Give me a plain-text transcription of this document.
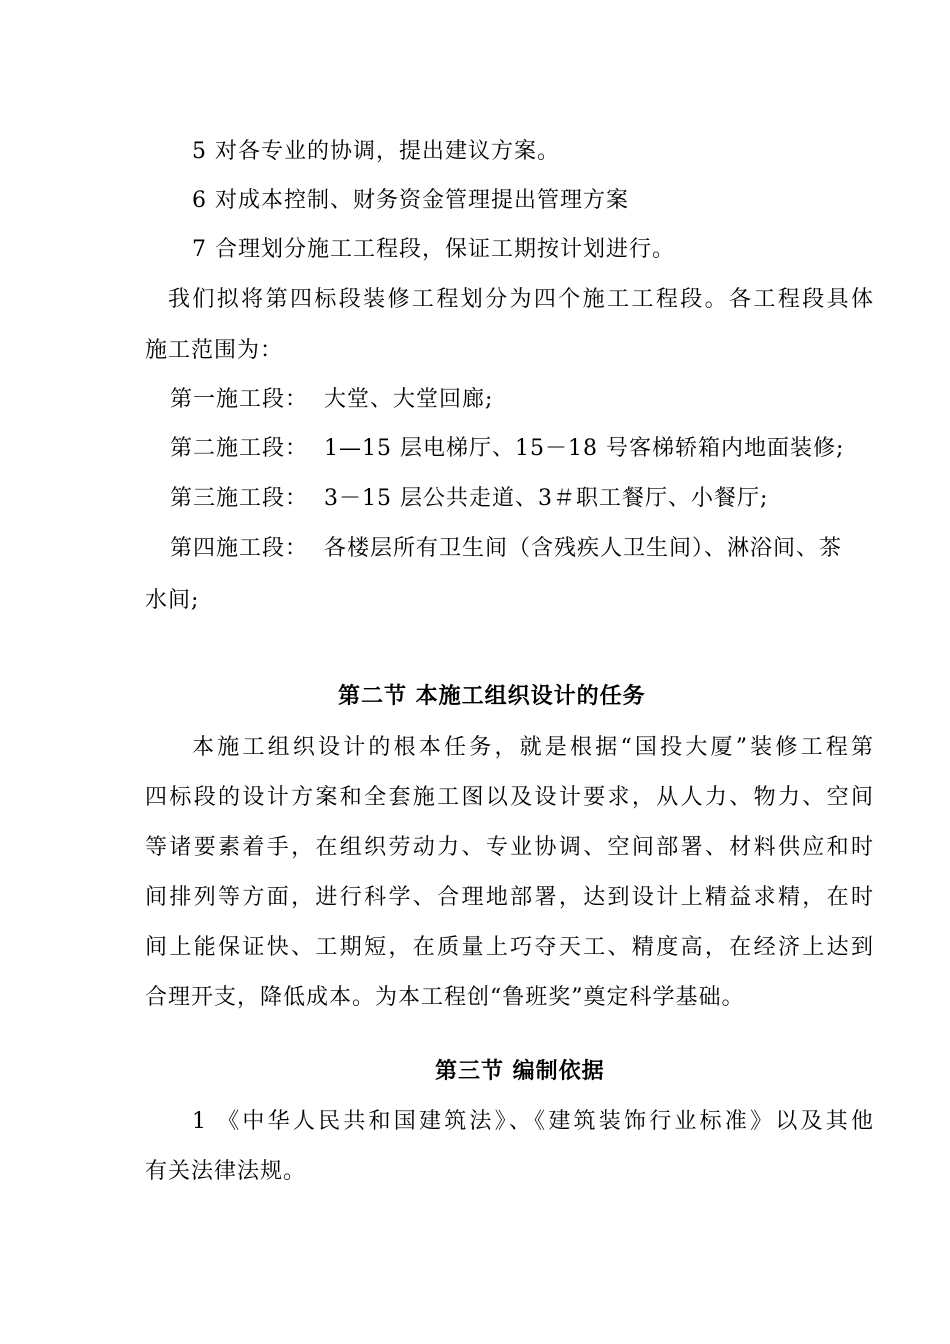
5 对各专业的协调，提出建议方案。
6 对成本控制、财务资金管理提出管理方案
7 合理划分施工工程段，保证工期按计划进行。
我们拟将第四标段装修工程划分为四个施工工程段。各工程段具体
施工范围为：
第一施工段： 大堂、大堂回廊;
第二施工段： 1—15 层电梯厅、15－18 号客梯轿箱内地面装修;
第三施工段： 3－15 层公共走道、3＃职工餐厅、小餐厅;
第四施工段： 各楼层所有卫生间（含残疾人卫生间）、淋浴间、茶
水间;
第二节 本施工组织设计的任务
本施工组织设计的根本任务，就是根据“国投大厦”装修工程第
四标段的设计方案和全套施工图以及设计要求，从人力、物力、空间
等诸要素着手，在组织劳动力、专业协调、空间部署、材料供应和时
间排列等方面，进行科学、合理地部署，达到设计上精益求精，在时
间上能保证快、工期短，在质量上巧夺天工、精度高，在经济上达到
合理开支，降低成本。为本工程创“鲁班奖”奠定科学基础。
第三节 编制依据
1 《中华人民共和国建筑法》、《建筑装饰行业标准》以及其他
有关法律法规。
